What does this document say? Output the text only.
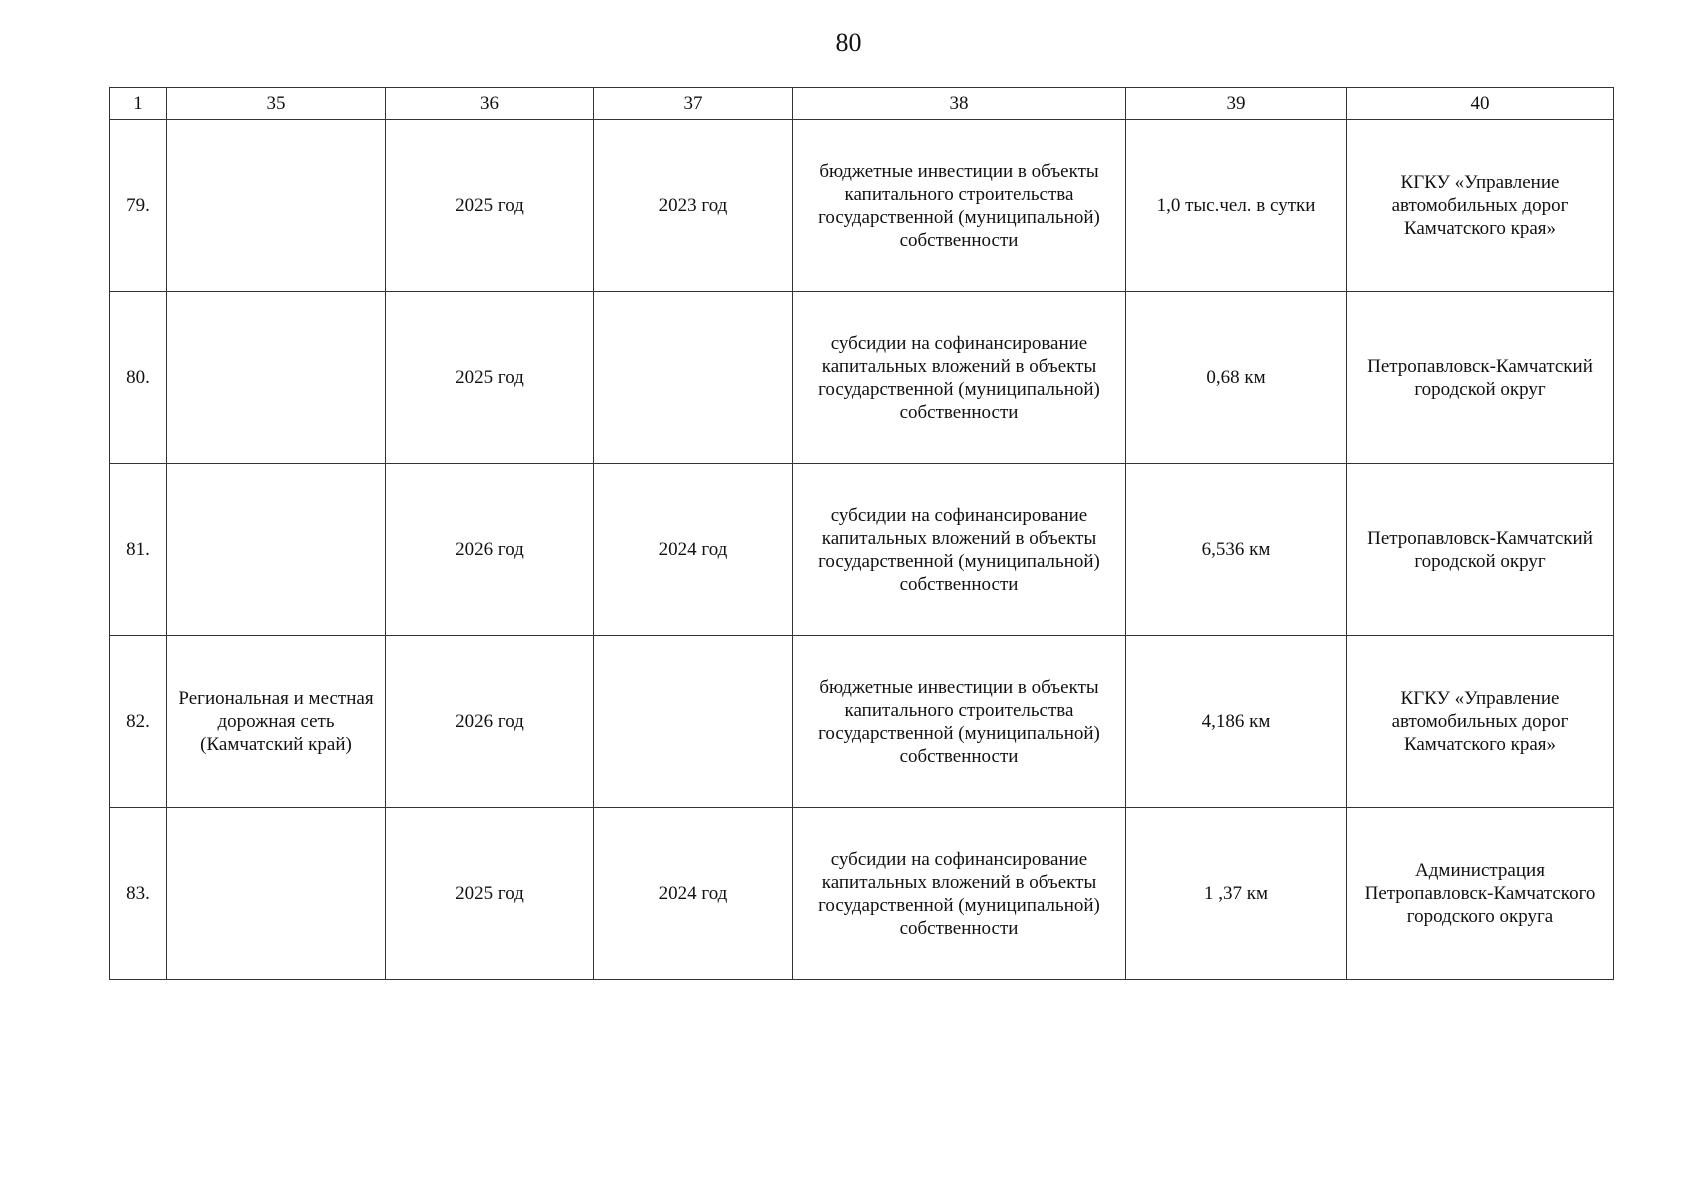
80
1	35	36	37	38	39	40
79.		2025 год	2023 год	бюджетные инвестиции в объекты капитального строительства государственной (муниципальной) собственности	1,0 тыс.чел. в сутки	КГКУ «Управление автомобильных дорог Камчатского края»
80.		2025 год		субсидии на софинансирование капитальных вложений в объекты государственной (муниципальной) собственности	0,68 км	Петропавловск-Камчатский городской округ
81.		2026 год	2024 год	субсидии на софинансирование капитальных вложений в объекты государственной (муниципальной) собственности	6,536 км	Петропавловск-Камчатский городской округ
82.	Региональная и местная дорожная сеть (Камчатский край)	2026 год		бюджетные инвестиции в объекты капитального строительства государственной (муниципальной) собственности	4,186 км	КГКУ «Управление автомобильных дорог Камчатского края»
83.		2025 год	2024 год	субсидии на софинансирование капитальных вложений в объекты государственной (муниципальной) собственности	1 ,37 км	Администрация Петропавловск-Камчатского городского округа
